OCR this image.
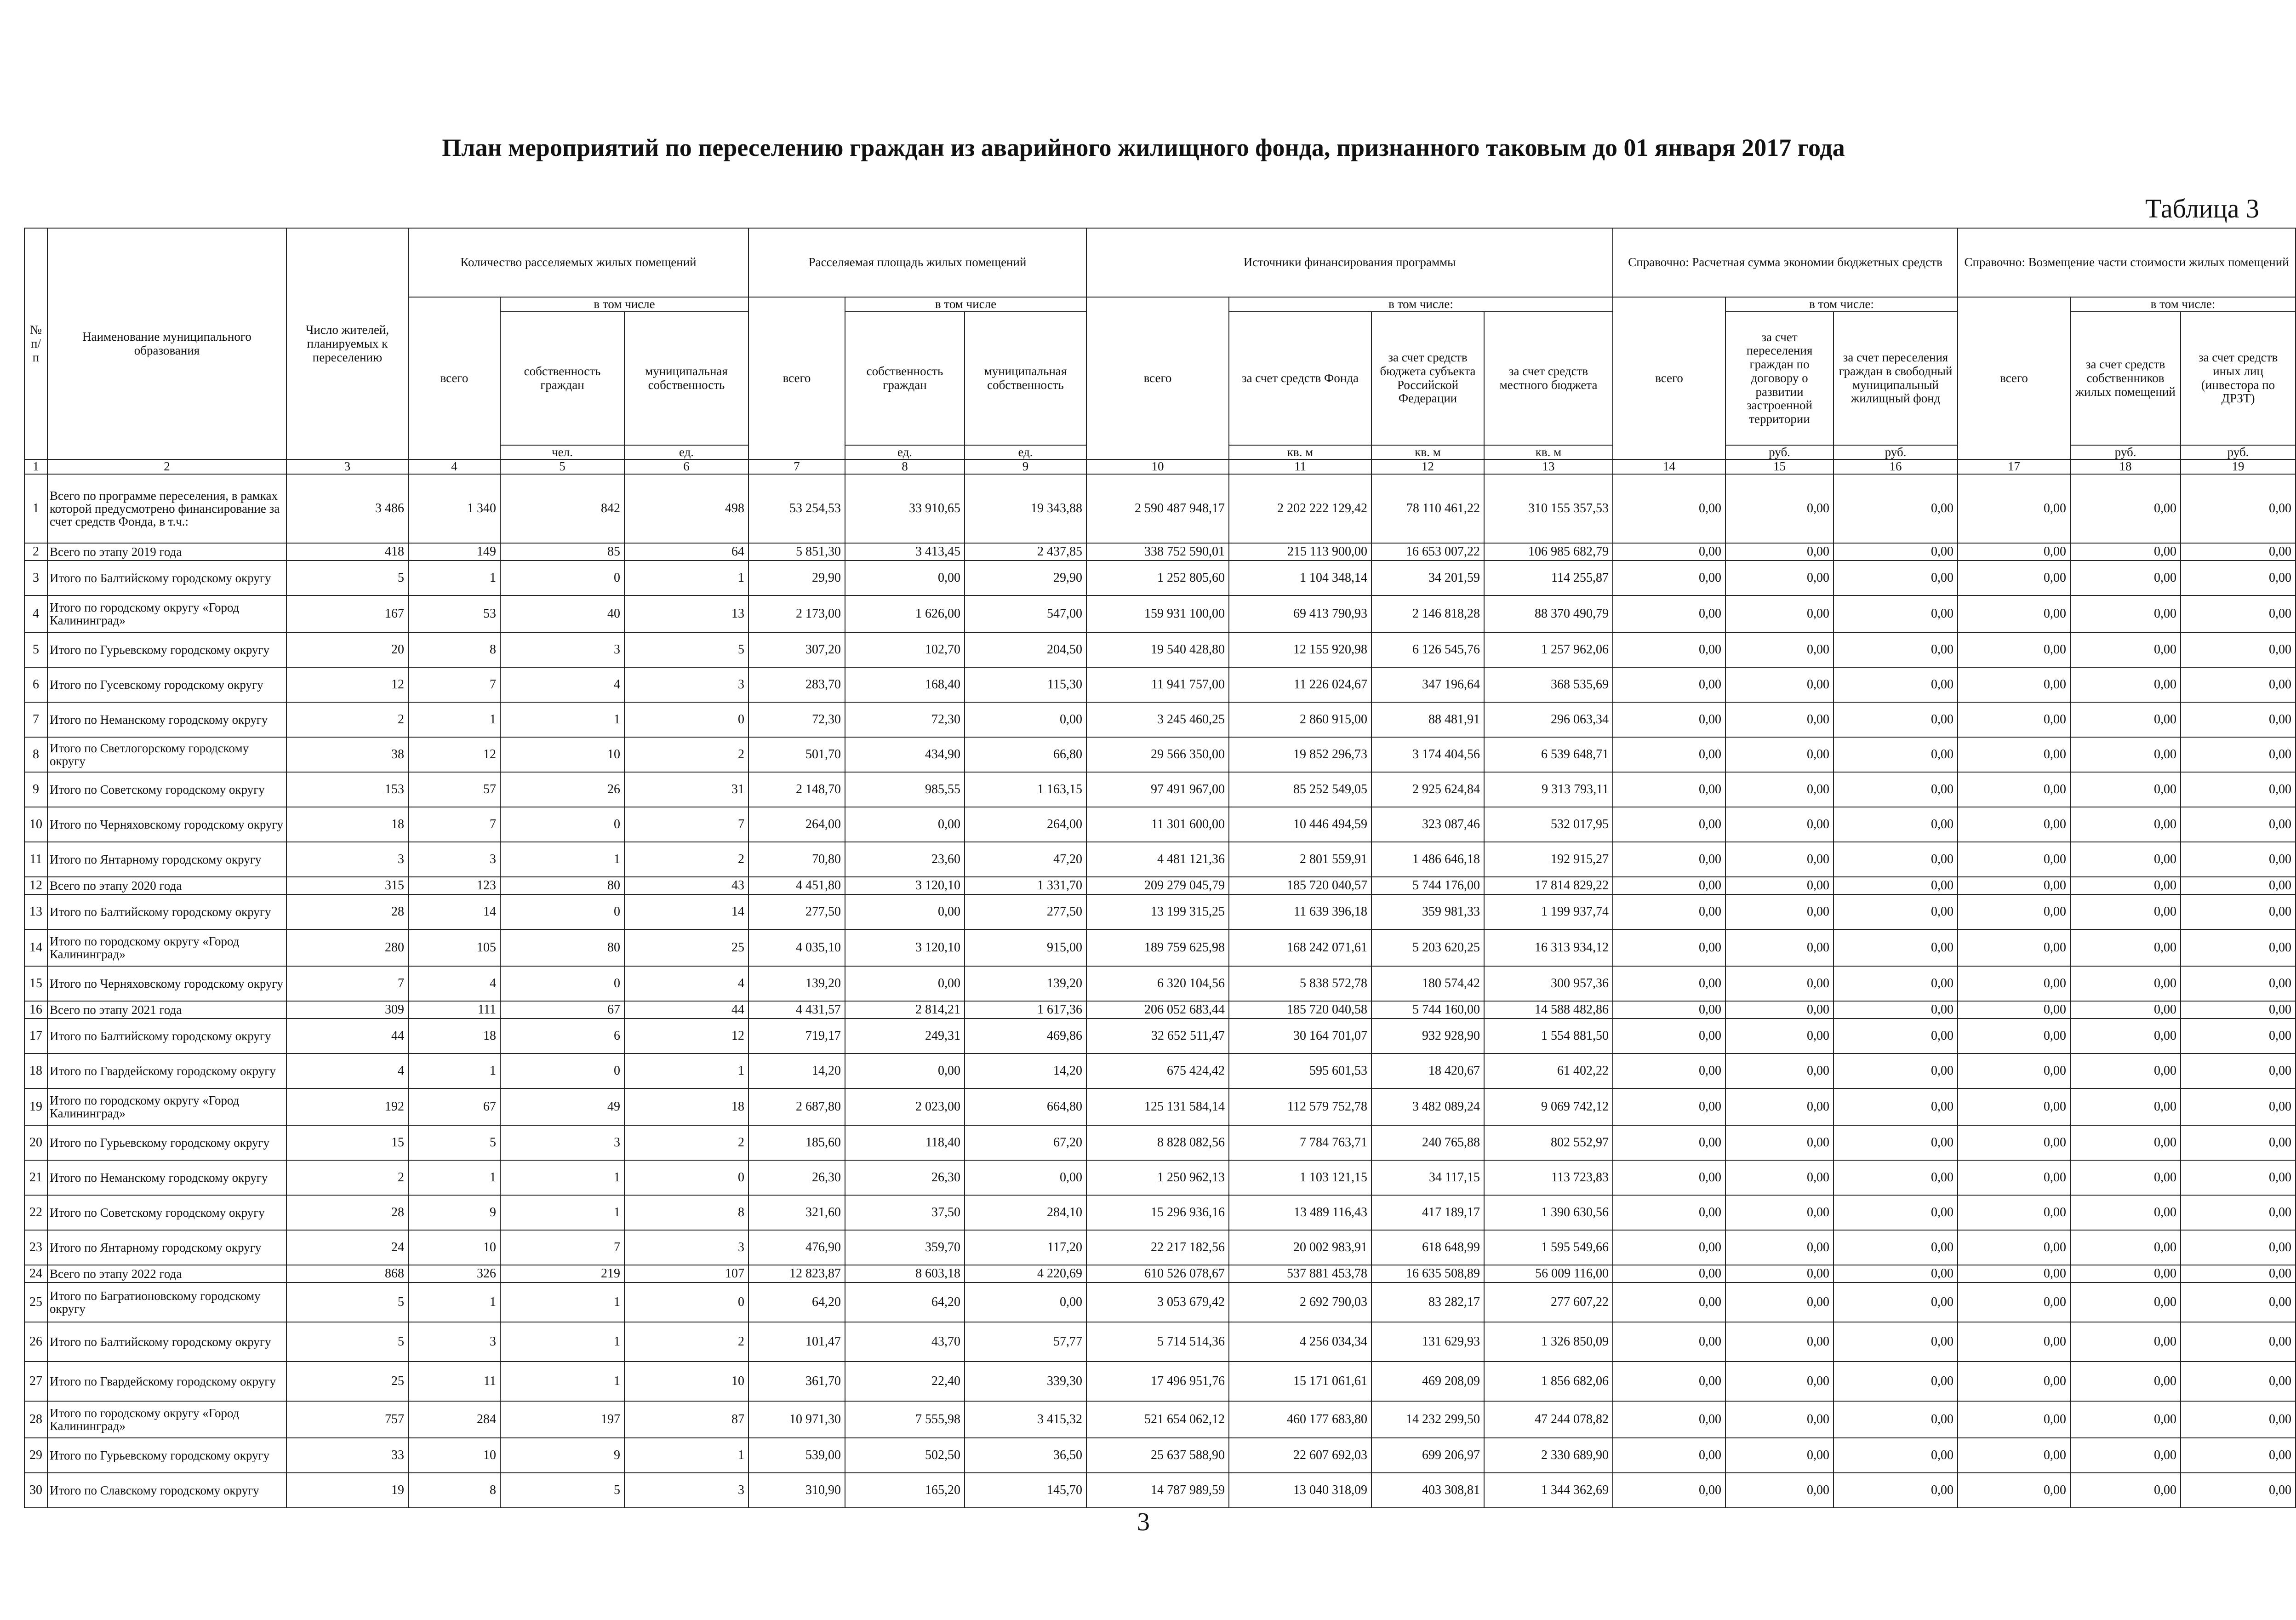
План мероприятий по переселению граждан из аварийного жилищного фонда, признанного таковым до 01 января 2017 года
Таблица 3
№ п/п	Наименование муниципального образования	Число жителей, планируемых к переселению	Количество расселяемых жилых помещений			Расселяемая площадь жилых помещений			Источники финансирования программы				Справочно: Расчетная сумма экономии бюджетных средств			Справочно: Возмещение части стоимости жилых помещений			
			всего	в том числе		всего	в том числе		всего	в том числе:			всего	в том числе:		всего	в том числе:		
				собственность граждан	муниципальная собственность		собственность граждан	муниципальная собственность		за счет средств Фонда	за счет средств бюджета субъекта Российской Федерации	за счет средств местного бюджета		за счет переселения граждан по договору о развитии застроенной территории	за счет переселения граждан в свободный муниципальный жилищный фонд		за счет средств собственников жилых помещений	за счет средств иных лиц (инвестора по ДРЗТ)	
				чел.	ед.		ед.	ед.		кв. м	кв. м	кв. м		руб.	руб.		руб.	руб.						
1	2	3	4	5	6	7	8	9	10	11	12	13	14	15	16	17	18	19	
1	Всего по программе переселения, в рамках которой предусмотрено финансирование за счет средств Фонда, в т.ч.:	3 486	1 340	842	498	53 254,53	33 910,65	19 343,88	2 590 487 948,17	2 202 222 129,42	78 110 461,22	310 155 357,53	0,00	0,00	0,00	0,00	0,00	0,00	
2	Всего по этапу 2019 года	418	149	85	64	5 851,30	3 413,45	2 437,85	338 752 590,01	215 113 900,00	16 653 007,22	106 985 682,79	0,00	0,00	0,00	0,00	0,00	0,00	
3	Итого по Балтийскому городскому округу	5	1	0	1	29,90	0,00	29,90	1 252 805,60	1 104 348,14	34 201,59	114 255,87	0,00	0,00	0,00	0,00	0,00	0,00	
4	Итого по городскому округу «Город Калининград»	167	53	40	13	2 173,00	1 626,00	547,00	159 931 100,00	69 413 790,93	2 146 818,28	88 370 490,79	0,00	0,00	0,00	0,00	0,00	0,00	
5	Итого по Гурьевскому городскому округу	20	8	3	5	307,20	102,70	204,50	19 540 428,80	12 155 920,98	6 126 545,76	1 257 962,06	0,00	0,00	0,00	0,00	0,00	0,00	
6	Итого по Гусевскому городскому округу	12	7	4	3	283,70	168,40	115,30	11 941 757,00	11 226 024,67	347 196,64	368 535,69	0,00	0,00	0,00	0,00	0,00	0,00	
7	Итого по Неманскому городскому округу	2	1	1	0	72,30	72,30	0,00	3 245 460,25	2 860 915,00	88 481,91	296 063,34	0,00	0,00	0,00	0,00	0,00	0,00	
8	Итого по Светлогорскому городскому округу	38	12	10	2	501,70	434,90	66,80	29 566 350,00	19 852 296,73	3 174 404,56	6 539 648,71	0,00	0,00	0,00	0,00	0,00	0,00	
9	Итого по Советскому городскому округу	153	57	26	31	2 148,70	985,55	1 163,15	97 491 967,00	85 252 549,05	2 925 624,84	9 313 793,11	0,00	0,00	0,00	0,00	0,00	0,00	
10	Итого по Черняховскому городскому округу	18	7	0	7	264,00	0,00	264,00	11 301 600,00	10 446 494,59	323 087,46	532 017,95	0,00	0,00	0,00	0,00	0,00	0,00	
11	Итого по Янтарному городскому округу	3	3	1	2	70,80	23,60	47,20	4 481 121,36	2 801 559,91	1 486 646,18	192 915,27	0,00	0,00	0,00	0,00	0,00	0,00	
12	Всего по этапу 2020 года	315	123	80	43	4 451,80	3 120,10	1 331,70	209 279 045,79	185 720 040,57	5 744 176,00	17 814 829,22	0,00	0,00	0,00	0,00	0,00	0,00	
13	Итого по Балтийскому городскому округу	28	14	0	14	277,50	0,00	277,50	13 199 315,25	11 639 396,18	359 981,33	1 199 937,74	0,00	0,00	0,00	0,00	0,00	0,00	
14	Итого по городскому округу «Город Калининград»	280	105	80	25	4 035,10	3 120,10	915,00	189 759 625,98	168 242 071,61	5 203 620,25	16 313 934,12	0,00	0,00	0,00	0,00	0,00	0,00	
15	Итого по Черняховскому городскому округу	7	4	0	4	139,20	0,00	139,20	6 320 104,56	5 838 572,78	180 574,42	300 957,36	0,00	0,00	0,00	0,00	0,00	0,00	
16	Всего по этапу 2021 года	309	111	67	44	4 431,57	2 814,21	1 617,36	206 052 683,44	185 720 040,58	5 744 160,00	14 588 482,86	0,00	0,00	0,00	0,00	0,00	0,00	
17	Итого по Балтийскому городскому округу	44	18	6	12	719,17	249,31	469,86	32 652 511,47	30 164 701,07	932 928,90	1 554 881,50	0,00	0,00	0,00	0,00	0,00	0,00	
18	Итого по Гвардейскому городскому округу	4	1	0	1	14,20	0,00	14,20	675 424,42	595 601,53	18 420,67	61 402,22	0,00	0,00	0,00	0,00	0,00	0,00	
19	Итого по городскому округу «Город Калининград»	192	67	49	18	2 687,80	2 023,00	664,80	125 131 584,14	112 579 752,78	3 482 089,24	9 069 742,12	0,00	0,00	0,00	0,00	0,00	0,00	
20	Итого по Гурьевскому городскому округу	15	5	3	2	185,60	118,40	67,20	8 828 082,56	7 784 763,71	240 765,88	802 552,97	0,00	0,00	0,00	0,00	0,00	0,00	
21	Итого по Неманскому городскому округу	2	1	1	0	26,30	26,30	0,00	1 250 962,13	1 103 121,15	34 117,15	113 723,83	0,00	0,00	0,00	0,00	0,00	0,00	
22	Итого по Советскому городскому округу	28	9	1	8	321,60	37,50	284,10	15 296 936,16	13 489 116,43	417 189,17	1 390 630,56	0,00	0,00	0,00	0,00	0,00	0,00	
23	Итого по Янтарному городскому округу	24	10	7	3	476,90	359,70	117,20	22 217 182,56	20 002 983,91	618 648,99	1 595 549,66	0,00	0,00	0,00	0,00	0,00	0,00	
24	Всего по этапу 2022 года	868	326	219	107	12 823,87	8 603,18	4 220,69	610 526 078,67	537 881 453,78	16 635 508,89	56 009 116,00	0,00	0,00	0,00	0,00	0,00	0,00	
25	Итого по Багратионовскому городскому округу	5	1	1	0	64,20	64,20	0,00	3 053 679,42	2 692 790,03	83 282,17	277 607,22	0,00	0,00	0,00	0,00	0,00	0,00	
26	Итого по Балтийскому городскому округу	5	3	1	2	101,47	43,70	57,77	5 714 514,36	4 256 034,34	131 629,93	1 326 850,09	0,00	0,00	0,00	0,00	0,00	0,00	
27	Итого по Гвардейскому городскому округу	25	11	1	10	361,70	22,40	339,30	17 496 951,76	15 171 061,61	469 208,09	1 856 682,06	0,00	0,00	0,00	0,00	0,00	0,00	
28	Итого по городскому округу «Город Калининград»	757	284	197	87	10 971,30	7 555,98	3 415,32	521 654 062,12	460 177 683,80	14 232 299,50	47 244 078,82	0,00	0,00	0,00	0,00	0,00	0,00	
29	Итого по Гурьевскому городскому округу	33	10	9	1	539,00	502,50	36,50	25 637 588,90	22 607 692,03	699 206,97	2 330 689,90	0,00	0,00	0,00	0,00	0,00	0,00	
30	Итого по Славскому городскому округу	19	8	5	3	310,90	165,20	145,70	14 787 989,59	13 040 318,09	403 308,81	1 344 362,69	0,00	0,00	0,00	0,00	0,00	0,00	
3
